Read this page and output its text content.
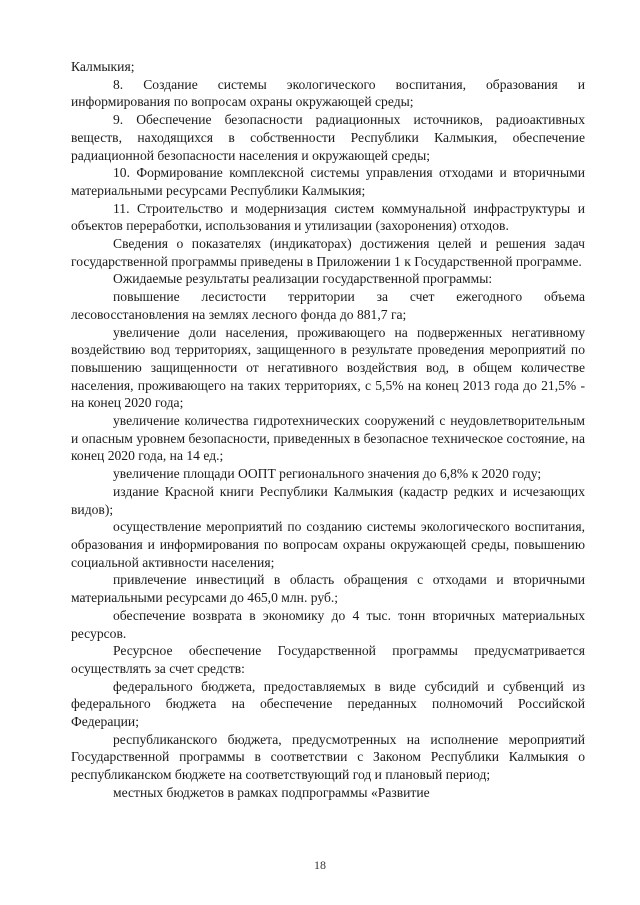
Калмыкия;

8. Создание системы экологического воспитания, образования и информирования по вопросам охраны окружающей среды;

9. Обеспечение безопасности радиационных источников, радиоактивных веществ, находящихся в собственности Республики Калмыкия, обеспечение радиационной безопасности населения и окружающей среды;

10. Формирование комплексной системы управления отходами и вторичными материальными ресурсами Республики Калмыкия;

11. Строительство и модернизация систем коммунальной инфраструктуры и объектов переработки, использования и утилизации (захоронения) отходов.

Сведения о показателях (индикаторах) достижения целей и решения задач государственной программы приведены в Приложении 1 к Государственной программе.

Ожидаемые результаты реализации государственной программы:

повышение лесистости территории за счет ежегодного объема лесовосстановления на землях лесного фонда до 881,7 га;

увеличение доли населения, проживающего на подверженных негативному воздействию вод территориях, защищенного в результате проведения мероприятий по повышению защищенности от негативного воздействия вод, в общем количестве населения, проживающего на таких территориях, с 5,5% на конец 2013 года до 21,5% - на конец 2020 года;

увеличение количества гидротехнических сооружений с неудовлетворительным и опасным уровнем безопасности, приведенных в безопасное техническое состояние, на конец 2020 года, на 14 ед.;

увеличение площади ООПТ регионального значения до 6,8% к 2020 году;

издание Красной книги Республики Калмыкия (кадастр редких и исчезающих видов);

осуществление мероприятий по созданию системы экологического воспитания, образования и информирования по вопросам охраны окружающей среды, повышению социальной активности населения;

привлечение инвестиций в область обращения с отходами и вторичными материальными ресурсами до 465,0 млн. руб.;

обеспечение возврата в экономику до 4 тыс. тонн вторичных материальных ресурсов.

Ресурсное обеспечение Государственной программы предусматривается осуществлять за счет средств:

федерального бюджета, предоставляемых в виде субсидий и субвенций из федерального бюджета на обеспечение переданных полномочий Российской Федерации;

республиканского бюджета, предусмотренных на исполнение мероприятий Государственной программы в соответствии с Законом Республики Калмыкия о республиканском бюджете на соответствующий год и плановый период;

местных бюджетов в рамках подпрограммы «Развитие

18
